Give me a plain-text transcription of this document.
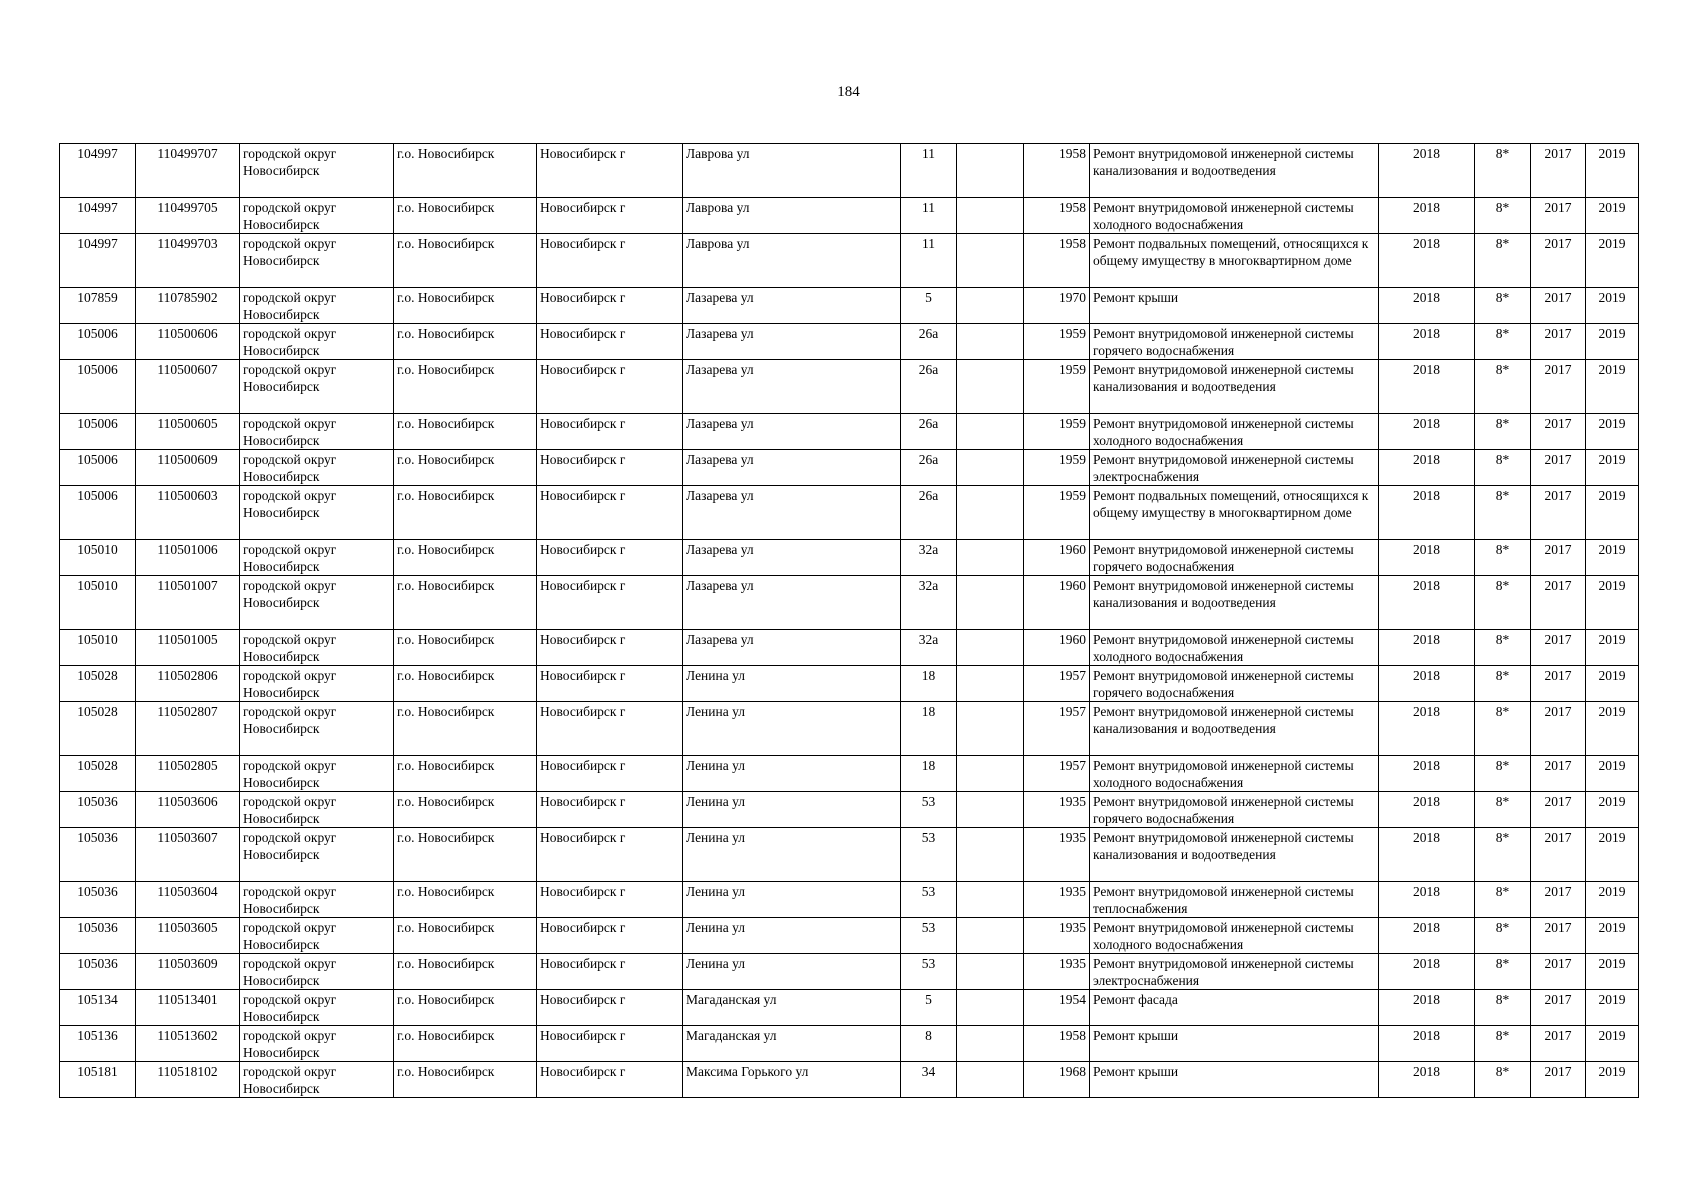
184
104997	110499707	городской округ Новосибирск	г.о. Новосибирск	Новосибирск г	Лаврова ул	11		1958	Ремонт внутридомовой инженерной системы канализования и водоотведения	2018	8*	2017	2019
104997	110499705	городской округ Новосибирск	г.о. Новосибирск	Новосибирск г	Лаврова ул	11		1958	Ремонт внутридомовой инженерной системы холодного водоснабжения	2018	8*	2017	2019
104997	110499703	городской округ Новосибирск	г.о. Новосибирск	Новосибирск г	Лаврова ул	11		1958	Ремонт подвальных помещений, относящихся к общему имуществу в многоквартирном доме	2018	8*	2017	2019
107859	110785902	городской округ Новосибирск	г.о. Новосибирск	Новосибирск г	Лазарева ул	5		1970	Ремонт крыши	2018	8*	2017	2019
105006	110500606	городской округ Новосибирск	г.о. Новосибирск	Новосибирск г	Лазарева ул	26а		1959	Ремонт внутридомовой инженерной системы горячего водоснабжения	2018	8*	2017	2019
105006	110500607	городской округ Новосибирск	г.о. Новосибирск	Новосибирск г	Лазарева ул	26а		1959	Ремонт внутридомовой инженерной системы канализования и водоотведения	2018	8*	2017	2019
105006	110500605	городской округ Новосибирск	г.о. Новосибирск	Новосибирск г	Лазарева ул	26а		1959	Ремонт внутридомовой инженерной системы холодного водоснабжения	2018	8*	2017	2019
105006	110500609	городской округ Новосибирск	г.о. Новосибирск	Новосибирск г	Лазарева ул	26а		1959	Ремонт внутридомовой инженерной системы электроснабжения	2018	8*	2017	2019
105006	110500603	городской округ Новосибирск	г.о. Новосибирск	Новосибирск г	Лазарева ул	26а		1959	Ремонт подвальных помещений, относящихся к общему имуществу в многоквартирном доме	2018	8*	2017	2019
105010	110501006	городской округ Новосибирск	г.о. Новосибирск	Новосибирск г	Лазарева ул	32а		1960	Ремонт внутридомовой инженерной системы горячего водоснабжения	2018	8*	2017	2019
105010	110501007	городской округ Новосибирск	г.о. Новосибирск	Новосибирск г	Лазарева ул	32а		1960	Ремонт внутридомовой инженерной системы канализования и водоотведения	2018	8*	2017	2019
105010	110501005	городской округ Новосибирск	г.о. Новосибирск	Новосибирск г	Лазарева ул	32а		1960	Ремонт внутридомовой инженерной системы холодного водоснабжения	2018	8*	2017	2019
105028	110502806	городской округ Новосибирск	г.о. Новосибирск	Новосибирск г	Ленина ул	18		1957	Ремонт внутридомовой инженерной системы горячего водоснабжения	2018	8*	2017	2019
105028	110502807	городской округ Новосибирск	г.о. Новосибирск	Новосибирск г	Ленина ул	18		1957	Ремонт внутридомовой инженерной системы канализования и водоотведения	2018	8*	2017	2019
105028	110502805	городской округ Новосибирск	г.о. Новосибирск	Новосибирск г	Ленина ул	18		1957	Ремонт внутридомовой инженерной системы холодного водоснабжения	2018	8*	2017	2019
105036	110503606	городской округ Новосибирск	г.о. Новосибирск	Новосибирск г	Ленина ул	53		1935	Ремонт внутридомовой инженерной системы горячего водоснабжения	2018	8*	2017	2019
105036	110503607	городской округ Новосибирск	г.о. Новосибирск	Новосибирск г	Ленина ул	53		1935	Ремонт внутридомовой инженерной системы канализования и водоотведения	2018	8*	2017	2019
105036	110503604	городской округ Новосибирск	г.о. Новосибирск	Новосибирск г	Ленина ул	53		1935	Ремонт внутридомовой инженерной системы теплоснабжения	2018	8*	2017	2019
105036	110503605	городской округ Новосибирск	г.о. Новосибирск	Новосибирск г	Ленина ул	53		1935	Ремонт внутридомовой инженерной системы холодного водоснабжения	2018	8*	2017	2019
105036	110503609	городской округ Новосибирск	г.о. Новосибирск	Новосибирск г	Ленина ул	53		1935	Ремонт внутридомовой инженерной системы электроснабжения	2018	8*	2017	2019
105134	110513401	городской округ Новосибирск	г.о. Новосибирск	Новосибирск г	Магаданская ул	5		1954	Ремонт фасада	2018	8*	2017	2019
105136	110513602	городской округ Новосибирск	г.о. Новосибирск	Новосибирск г	Магаданская ул	8		1958	Ремонт крыши	2018	8*	2017	2019
105181	110518102	городской округ Новосибирск	г.о. Новосибирск	Новосибирск г	Максима Горького ул	34		1968	Ремонт крыши	2018	8*	2017	2019
